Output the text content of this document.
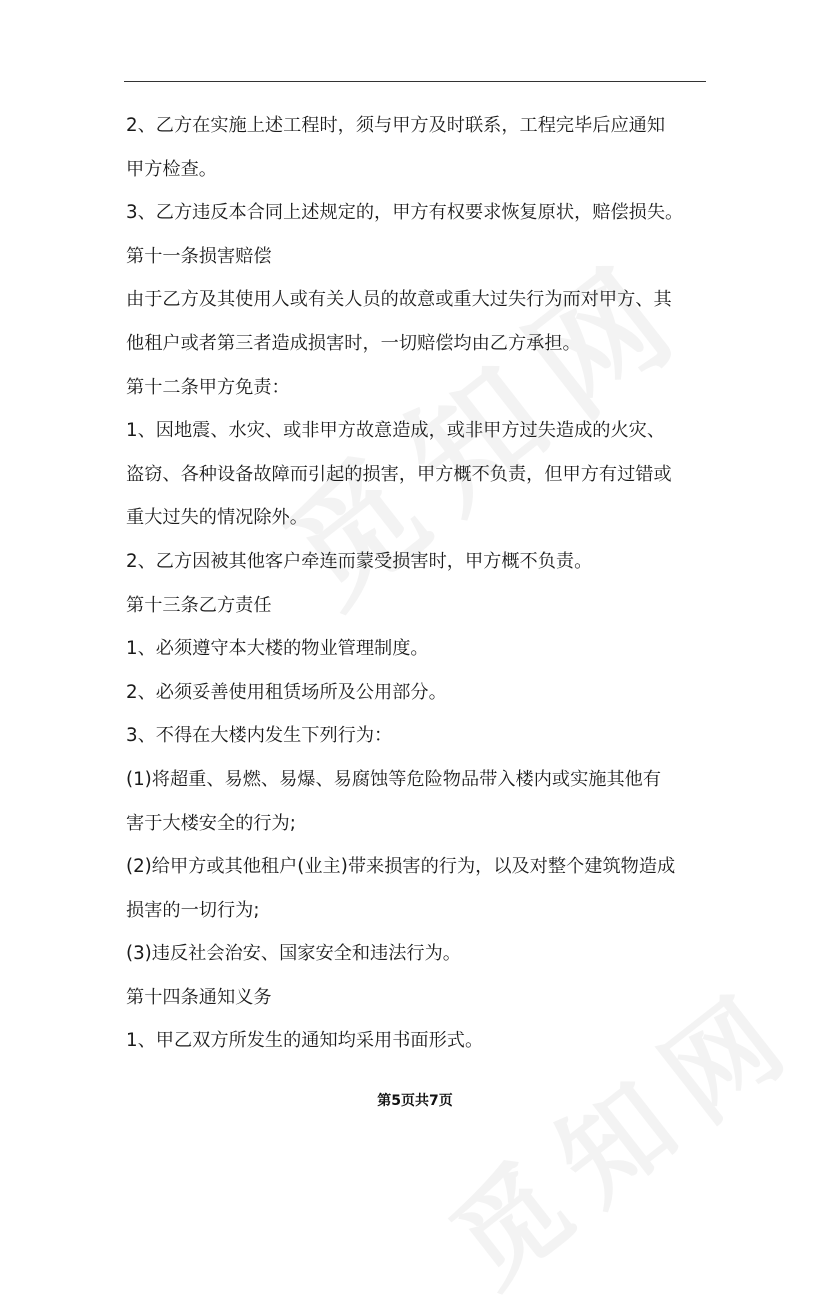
2、乙方在实施上述工程时，须与甲方及时联系，工程完毕后应通知

甲方检查。

3、乙方违反本合同上述规定的，甲方有权要求恢复原状，赔偿损失。

第十一条损害赔偿

由于乙方及其使用人或有关人员的故意或重大过失行为而对甲方、其

他租户或者第三者造成损害时，一切赔偿均由乙方承担。

第十二条甲方免责：

1、因地震、水灾、或非甲方故意造成，或非甲方过失造成的火灾、

盗窃、各种设备故障而引起的损害，甲方概不负责，但甲方有过错或

重大过失的情况除外。

2、乙方因被其他客户牵连而蒙受损害时，甲方概不负责。

第十三条乙方责任

1、必须遵守本大楼的物业管理制度。

2、必须妥善使用租赁场所及公用部分。

3、不得在大楼内发生下列行为：

(1)将超重、易燃、易爆、易腐蚀等危险物品带入楼内或实施其他有

害于大楼安全的行为;

(2)给甲方或其他租户(业主)带来损害的行为，以及对整个建筑物造成

损害的一切行为;

(3)违反社会治安、国家安全和违法行为。

第十四条通知义务

1、甲乙双方所发生的通知均采用书面形式。

第5页共7页
